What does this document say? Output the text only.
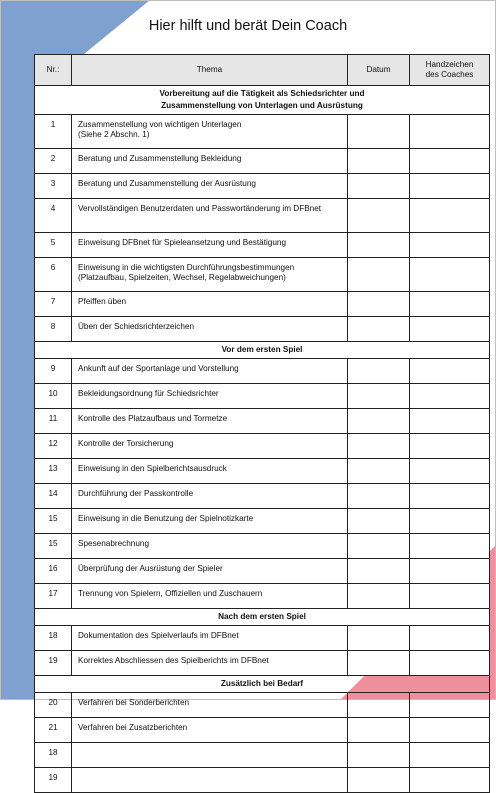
Hier hilft und berät Dein Coach
Nr.:	Thema	Datum	Handzeichen
des Coaches

Vorbereitung auf die Tätigkeit als Schiedsrichter und
Zusammenstellung von Unterlagen und Ausrüstung			

1	Zusammenstellung von wichtigen Unterlagen
(Siehe 2 Abschn. 1)		

2	Beratung und Zusammenstellung Bekleidung		

3	Beratung und Zusammenstellung der Ausrüstung		

4	Vervollständigen Benutzerdaten und Passwortänderung im DFBnet		

5	Einweisung DFBnet für Spieleansetzung und Bestätigung		

6	Einweisung in die wichtigsten Durchführungsbestimmungen
(Platzaufbau, Spielzeiten, Wechsel, Regelabweichungen)		

7	Pfeiffen üben		

8	Üben der Schiedsrichterzeichen		

Vor dem ersten Spiel			

9	Ankunft auf der Sportanlage und Vorstellung		

10	Bekleidungsordnung für Schiedsrichter		

11	Kontrolle des Platzaufbaus und Tormetze		

12	Kontrolle der Torsicherung		

13	Einweisung in den Spielberichtsausdruck		

14	Durchführung der Passkontrolle		

15	Einweisung in die Benutzung der Spielnotizkarte		

15	Spesenabrechnung		

16	Überprüfung der Ausrüstung der Spieler		

17	Trennung von Spielern, Offiziellen und Zuschauern		

Nach dem ersten Spiel			

18	Dokumentation des Spielverlaufs im DFBnet		

19	Korrektes Abschliessen des Spielberichts im DFBnet		

Zusätzlich bei Bedarf			

20	Verfahren bei Sonderberichten		

21	Verfahren bei Zusatzberichten		

18	

19	
